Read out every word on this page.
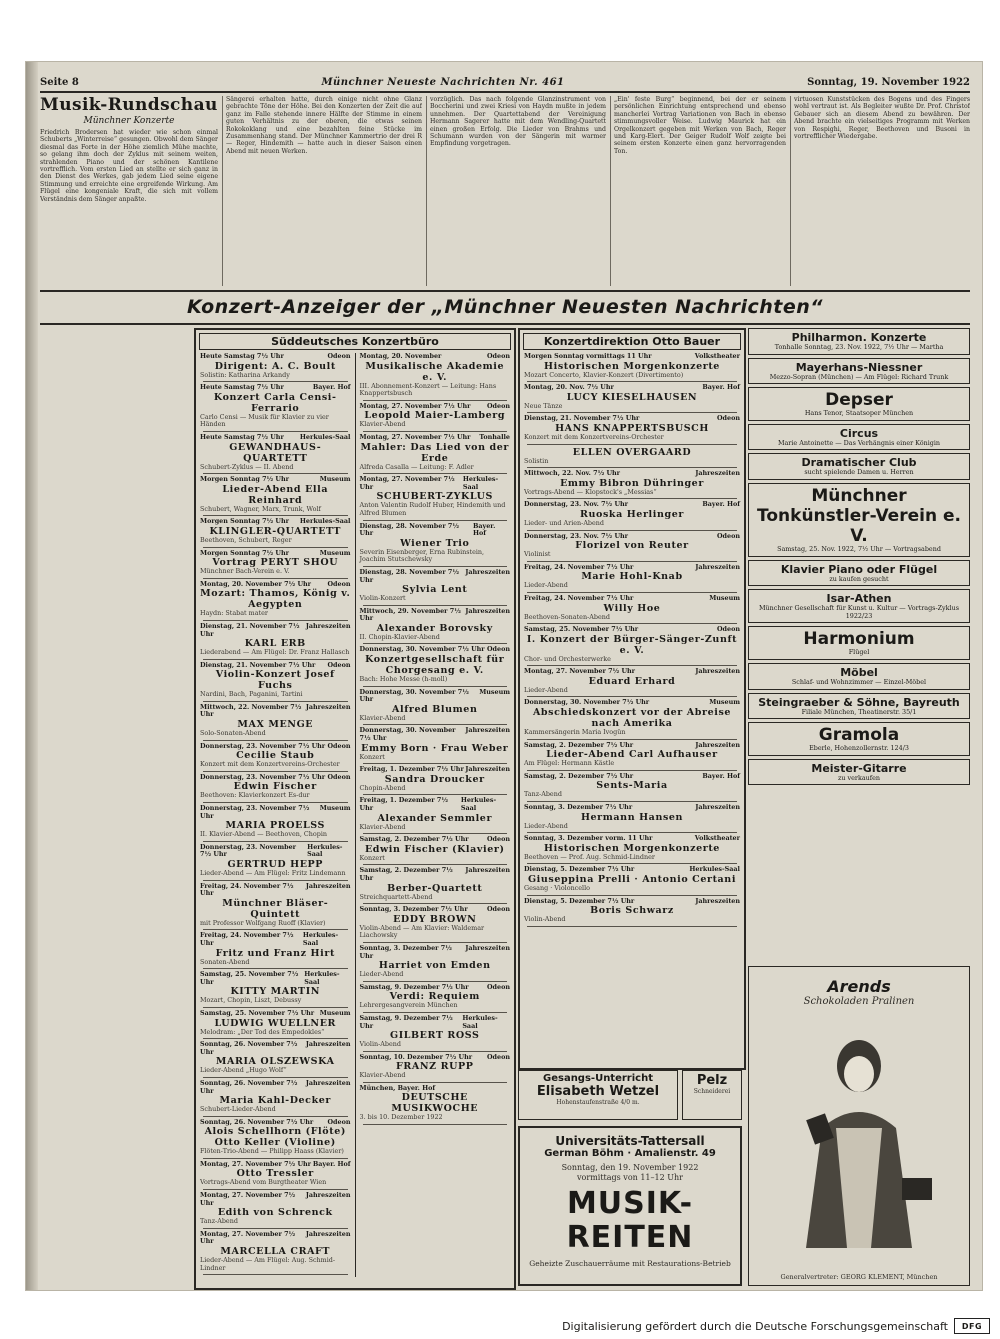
Seite 8	Münchner Neueste Nachrichten Nr. 461	Sonntag, 19. November 1922
Musik-Rundschau
Münchner Konzerte
Friedrich Brodersen hat wieder wie schon einmal Schuberts „Winterreise“ gesungen. Obwohl dem Sänger diesmal das Forte in der Höhe ziemlich Mühe machte, so gelang ihm doch der Zyklus mit seinem weiten, strahlenden Piano und der schönen Kantilene vortrefflich. Vom ersten Lied an stellte er sich ganz in den Dienst des Werkes, gab jedem Lied seine eigene Stimmung und erreichte eine ergreifende Wirkung. Am Flügel eine kongeniale Kraft, die sich mit vollem Verständnis dem Sänger anpaßte.
Sängerei erhalten hatte, durch einige nicht ohne Glanz gebrachte Töne der Höhe. Bei den Konzerten der Zeit die auf ganz im Falle stehende innere Hälfte der Stimme in einem guten Verhältnis zu der oberen, die etwas seinen Rokokoklang und eine bezahlten feine Stücke im Zusammenhang stand. Der Münchner Kammertrio der drei R — Reger, Hindemith — hatte auch in dieser Saison einen Abend mit neuen Werken.
vorzüglich. Das nach folgende Glanzinstrument von Boccherini und zwei Kriesi von Haydn mußte in jedem unnehmen. Der Quartettabend der Vereinigung Hermann Sagerer hatte mit dem Wendling-Quartett einen großen Erfolg. Die Lieder von Brahms und Schumann wurden von der Sängerin mit warmer Empfindung vorgetragen.
„Ein' feste Burg“ beginnend, bei der er seinem persönlichen Einrichtung entsprechend und ebenso mancherlei Vortrag Variationen von Bach in ebenso stimmungsvoller Weise. Ludwig Maurick hat ein Orgelkonzert gegeben mit Werken von Bach, Reger und Karg-Elert. Der Geiger Rudolf Wolf zeigte bei seinem ersten Konzerte einen ganz hervorragenden Ton.
virtuosen Kunststücken des Bogens und des Fingers wohl vertraut ist. Als Begleiter wußte Dr. Prof. Christof Gebauer sich an diesem Abend zu bewähren. Der Abend brachte ein vielseitiges Programm mit Werken von Respighi, Reger, Beethoven und Busoni in vortrefflicher Wiedergabe.
Konzert-Anzeiger der „Münchner Neuesten Nachrichten“
Süddeutsches Konzertbüro
Heute Samstag 7½ Uhr	Odeon
Dirigent: A. C. Boult
Solistin: Katharina Arkandy
Heute Samstag 7½ Uhr	Bayer. Hof
Konzert Carla Censi-Ferrario
Carlo Censi — Musik für Klavier zu vier Händen
Heute Samstag 7½ Uhr	Herkules-Saal
GEWANDHAUS-QUARTETT
Schubert-Zyklus — II. Abend
Morgen Sonntag 7½ Uhr	Museum
Lieder-Abend Ella Reinhard
Schubert, Wagner, Marx, Trunk, Wolf
Morgen Sonntag 7½ Uhr Herkules-Saal
KLINGLER-QUARTETT
Beethoven, Schubert, Reger
Morgen Sonntag 7½ Uhr	Museum
Vortrag PERYT SHOU
Münchner Bach-Verein e. V.
Montag, 20. November 7½ Uhr	Odeon
Mozart: Thamos, König v. Aegypten
Haydn: Stabat mater
Dienstag, 21. November 7½ Uhr
Jahreszeiten
KARL ERB
Liederabend — Am Flügel: Dr. Franz Hallasch
Dienstag, 21. November 7½ Uhr Odeon
Violin-Konzert Josef Fuchs
Nardini, Bach, Paganini, Tartini
Mittwoch, 22. November 7½ Uhr
Jahreszeiten
MAX MENGE
Solo-Sonaten-Abend
Donnerstag, 23. November 7½ Uhr Odeon
Cecilie Staub
Konzert mit dem Konzertvereins-Orchester
Donnerstag, 23. November 7½ Uhr Odeon
Edwin Fischer
Beethoven: Klavierkonzert Es-dur
Donnerstag, 23. November 7½ Uhr
Museum
MARIA PROELSS
II. Klavier-Abend — Beethoven, Chopin
Donnerstag, 23. November 7½ Uhr
Herkules-Saal
GERTRUD HEPP
Lieder-Abend — Am Flügel: Fritz Lindemann
Freitag, 24. November 7½ Uhr
Jahreszeiten
Münchner Bläser-Quintett
mit Professor Wolfgang Ruoff (Klavier)
Freitag, 24. November 7½ Uhr
Herkules-Saal
Fritz und Franz Hirt
Sonaten-Abend
Samstag, 25. November 7½ Uhr
Herkules-Saal
KITTY MARTIN
Mozart, Chopin, Liszt, Debussy
Samstag, 25. November 7½ Uhr Museum
LUDWIG WUELLNER
Melodram: „Der Tod des Empedokles“
Sonntag, 26. November 7½ Uhr
Jahreszeiten
MARIA OLSZEWSKA
Lieder-Abend „Hugo Wolf“
Sonntag, 26. November 7½ Uhr
Jahreszeiten
Maria Kahl-Decker
Schubert-Lieder-Abend
Sonntag, 26. November 7½ Uhr Odeon
Alois Schellhorn (Flöte) Otto Keller (Violine)
Flöten-Trio-Abend — Philipp Haass (Klavier)
Montag, 27. November 7½ Uhr Bayer. Hof
Otto Tressler
Vortrags-Abend vom Burgtheater Wien
Montag, 27. November 7½ Uhr
Jahreszeiten
Edith von Schrenck
Tanz-Abend
Montag, 27. November 7½ Uhr
Jahreszeiten
MARCELLA CRAFT
Lieder-Abend — Am Flügel: Aug. Schmid-Lindner
Montag, 20. November	Odeon
Musikalische Akademie e. V.
III. Abonnement-Konzert — Leitung: Hans Knappertsbusch
Montag, 27. November 7½ Uhr	Odeon
Leopold Maier-Lamberg
Klavier-Abend
Montag, 27. November 7½ Uhr Tonhalle
Mahler: Das Lied von der Erde
Alfreda Casalla — Leitung: F. Adler
Montag, 27. November 7½ Uhr
Herkules-Saal
SCHUBERT-ZYKLUS
Anton Valentin Rudolf Huber, Hindemith und Alfred Blumen
Dienstag, 28. November 7½ Uhr
Bayer. Hof
Wiener Trio
Severin Eisenberger, Erna Rubinstein, Joachim Stutschewsky
Dienstag, 28. November 7½ Uhr
Jahreszeiten
Sylvia Lent
Violin-Konzert
Mittwoch, 29. November 7½ Uhr
Jahreszeiten
Alexander Borovsky
II. Chopin-Klavier-Abend
Donnerstag, 30. November 7½ Uhr Odeon
Konzertgesellschaft für Chorgesang e. V.
Bach: Hohe Messe (h-moll)
Donnerstag, 30. November 7½ Uhr
Museum
Alfred Blumen
Klavier-Abend
Donnerstag, 30. November 7½ Uhr
Jahreszeiten
Emmy Born · Frau Weber
Konzert
Freitag, 1. Dezember 7½ Uhr Jahreszeiten
Sandra Droucker
Chopin-Abend
Freitag, 1. Dezember 7½ Uhr
Herkules-Saal
Alexander Semmler
Klavier-Abend
Samstag, 2. Dezember 7½ Uhr	Odeon
Edwin Fischer (Klavier)
Konzert
Samstag, 2. Dezember 7½ Uhr
Jahreszeiten
Berber-Quartett
Streichquartett-Abend
Sonntag, 3. Dezember 7½ Uhr	Odeon
EDDY BROWN
Violin-Abend — Am Klavier: Waldemar Liachowsky
Sonntag, 3. Dezember 7½ Uhr
Jahreszeiten
Harriet von Emden
Lieder-Abend
Samstag, 9. Dezember 7½ Uhr	Odeon
Verdi: Requiem
Lehrergesangverein München
Samstag, 9. Dezember 7½ Uhr
Herkules-Saal
GILBERT ROSS
Violin-Abend
Sonntag, 10. Dezember 7½ Uhr Odeon
FRANZ RUPP
Klavier-Abend
München, Bayer. Hof
DEUTSCHE MUSIKWOCHE
3. bis 10. Dezember 1922
Konzertdirektion Otto Bauer
Morgen Sonntag vormittags 11 Uhr	Volkstheater
Historischen Morgenkonzerte
Mozart Concerto, Klavier-Konzert (Divertimento)
Montag, 20. Nov. 7½ Uhr	Bayer. Hof
LUCY KIESELHAUSEN
Neue Tänze
Dienstag, 21. November 7½ Uhr	Odeon
HANS KNAPPERTSBUSCH
Konzert mit dem Konzertvereins-Orchester
ELLEN OVERGAARD
Solistin
Mittwoch, 22. Nov. 7½ Uhr	Jahreszeiten
Emmy Bibron Dühringer
Vortrags-Abend — Klopstock's „Messias“
Donnerstag, 23. Nov. 7½ Uhr	Bayer. Hof
Ruoska Herlinger
Lieder- und Arien-Abend
Donnerstag, 23. Nov. 7½ Uhr	Odeon
Florizel von Reuter
Violinist
Freitag, 24. November 7½ Uhr	Jahreszeiten
Marie Hohl-Knab
Lieder-Abend
Freitag, 24. November 7½ Uhr	Museum
Willy Hoe
Beethoven-Sonaten-Abend
Samstag, 25. November 7½ Uhr	Odeon
I. Konzert der Bürger-Sänger-Zunft e. V.
Chor- und Orchesterwerke
Montag, 27. November 7½ Uhr	Jahreszeiten
Eduard Erhard
Lieder-Abend
Donnerstag, 30. November 7½ Uhr	Museum
Abschiedskonzert vor der Abreise nach Amerika
Kammersängerin Maria Ivogün
Samstag, 2. Dezember 7½ Uhr	Jahreszeiten
Lieder-Abend Carl Aufhauser
Am Flügel: Hermann Kästle
Samstag, 2. Dezember 7½ Uhr	Bayer. Hof
Sents-Maria
Tanz-Abend
Sonntag, 3. Dezember 7½ Uhr	Jahreszeiten
Hermann Hansen
Lieder-Abend
Sonntag, 3. Dezember vorm. 11 Uhr	Volkstheater
Historischen Morgenkonzerte
Beethoven — Prof. Aug. Schmid-Lindner
Dienstag, 5. Dezember 7½ Uhr	Herkules-Saal
Giuseppina Prelli · Antonio Certani
Gesang · Violoncello
Dienstag, 5. Dezember 7½ Uhr	Jahreszeiten
Boris Schwarz
Violin-Abend
Philharmon. Konzerte
Tonhalle Sonntag, 23. Nov. 1922, 7½ Uhr — Martha
Mayerhans-Niessner
Mezzo-Sopran (München) — Am Flügel: Richard Trunk
Depser
Hans Tenor, Staatsoper München
Circus
Marie Antoinette — Das Verhängnis einer Königin
Dramatischer Club
sucht spielende Damen u. Herren
Münchner Tonkünstler-Verein e. V.
Samstag, 25. Nov. 1922, 7½ Uhr — Vortragsabend
Klavier Piano oder Flügel
zu kaufen gesucht
Isar-Athen
Münchner Gesellschaft für Kunst u. Kultur — Vortrags-Zyklus 1922/23
Harmonium
Flügel
Möbel
Schlaf- und Wohnzimmer — Einzel-Möbel
Steingraeber & Söhne, Bayreuth
Filiale München, Theatinerstr. 35/1
Gramola
Eberle, Hohenzollernstr. 124/3
Meister-Gitarre
zu verkaufen
Gesangs-Unterricht
Elisabeth Wetzel
Hohenstaufenstraße 4/0 m.
Pelz
Schneiderei
Universitäts-Tattersall
German Böhm · Amalienstr. 49
Sonntag, den 19. November 1922
vormittags von 11–12 Uhr
MUSIK-REITEN
Geheizte Zuschauerräume mit Restaurations-Betrieb
Arends
Schokoladen Pralinen
Generalvertreter: GEORG KLEMENT, München
Digitalisierung gefördert durch die Deutsche Forschungsgemeinschaft	DFG
